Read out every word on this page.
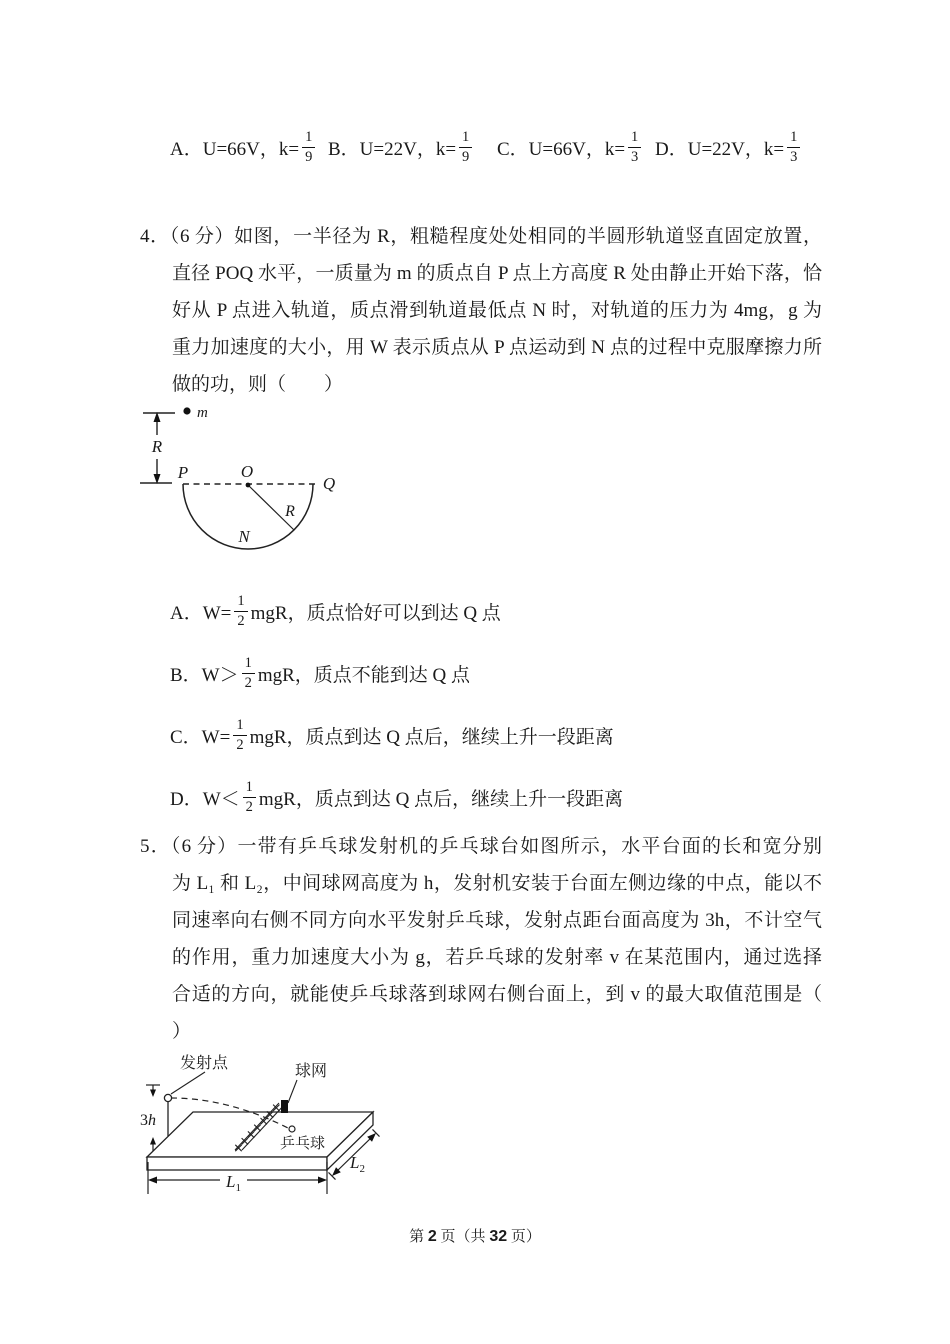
A．U=66V，$k= \frac{1}{9}$ B．U=22V，$k= \frac{1}{9}$ C．U=66V，$k= \frac{1}{3}$ D．U=22V，$k= \frac{1}{3}$
4．（6 分）如图，一半径为 R，粗糙程度处处相同的半圆形轨道竖直固定放置，
直径 POQ 水平，一质量为 m 的质点自 P 点上方高度 R 处由静止开始下落，恰
好从 P 点进入轨道，质点滑到轨道最低点 N 时，对轨道的压力为 4mg，g 为
重力加速度的大小，用 W 表示质点从 P 点运动到 N 点的过程中克服摩擦力所
做的功，则（　　）
m
R
P	O
Q
R
N
A．$W= \frac{1}{2}$ mgR，质点恰好可以到达 Q 点
B．$W> \frac{1}{2}$ mgR，质点不能到达 Q 点
C．$W= \frac{1}{2}$ mgR，质点到达 Q 点后，继续上升一段距离
D．$W< \frac{1}{2}$ mgR，质点到达 Q 点后，继续上升一段距离
5．（6 分）一带有乒乓球发射机的乒乓球台如图所示，水平台面的长和宽分别
为 L₁ 和 L₂，中间球网高度为 h，发射机安装于台面左侧边缘的中点，能以不
同速率向右侧不同方向水平发射乒乓球，发射点距台面高度为 3h，不计空气
的作用，重力加速度大小为 g，若乒乓球的发射率 v 在某范围内，通过选择
合适的方向，就能使乒乓球落到球网右侧台面上，到 v 的最大取值范围是（
）
发射点	球网
乒乓球
3h
$L_1$
$L_2$
第 2 页（共 32 页）
